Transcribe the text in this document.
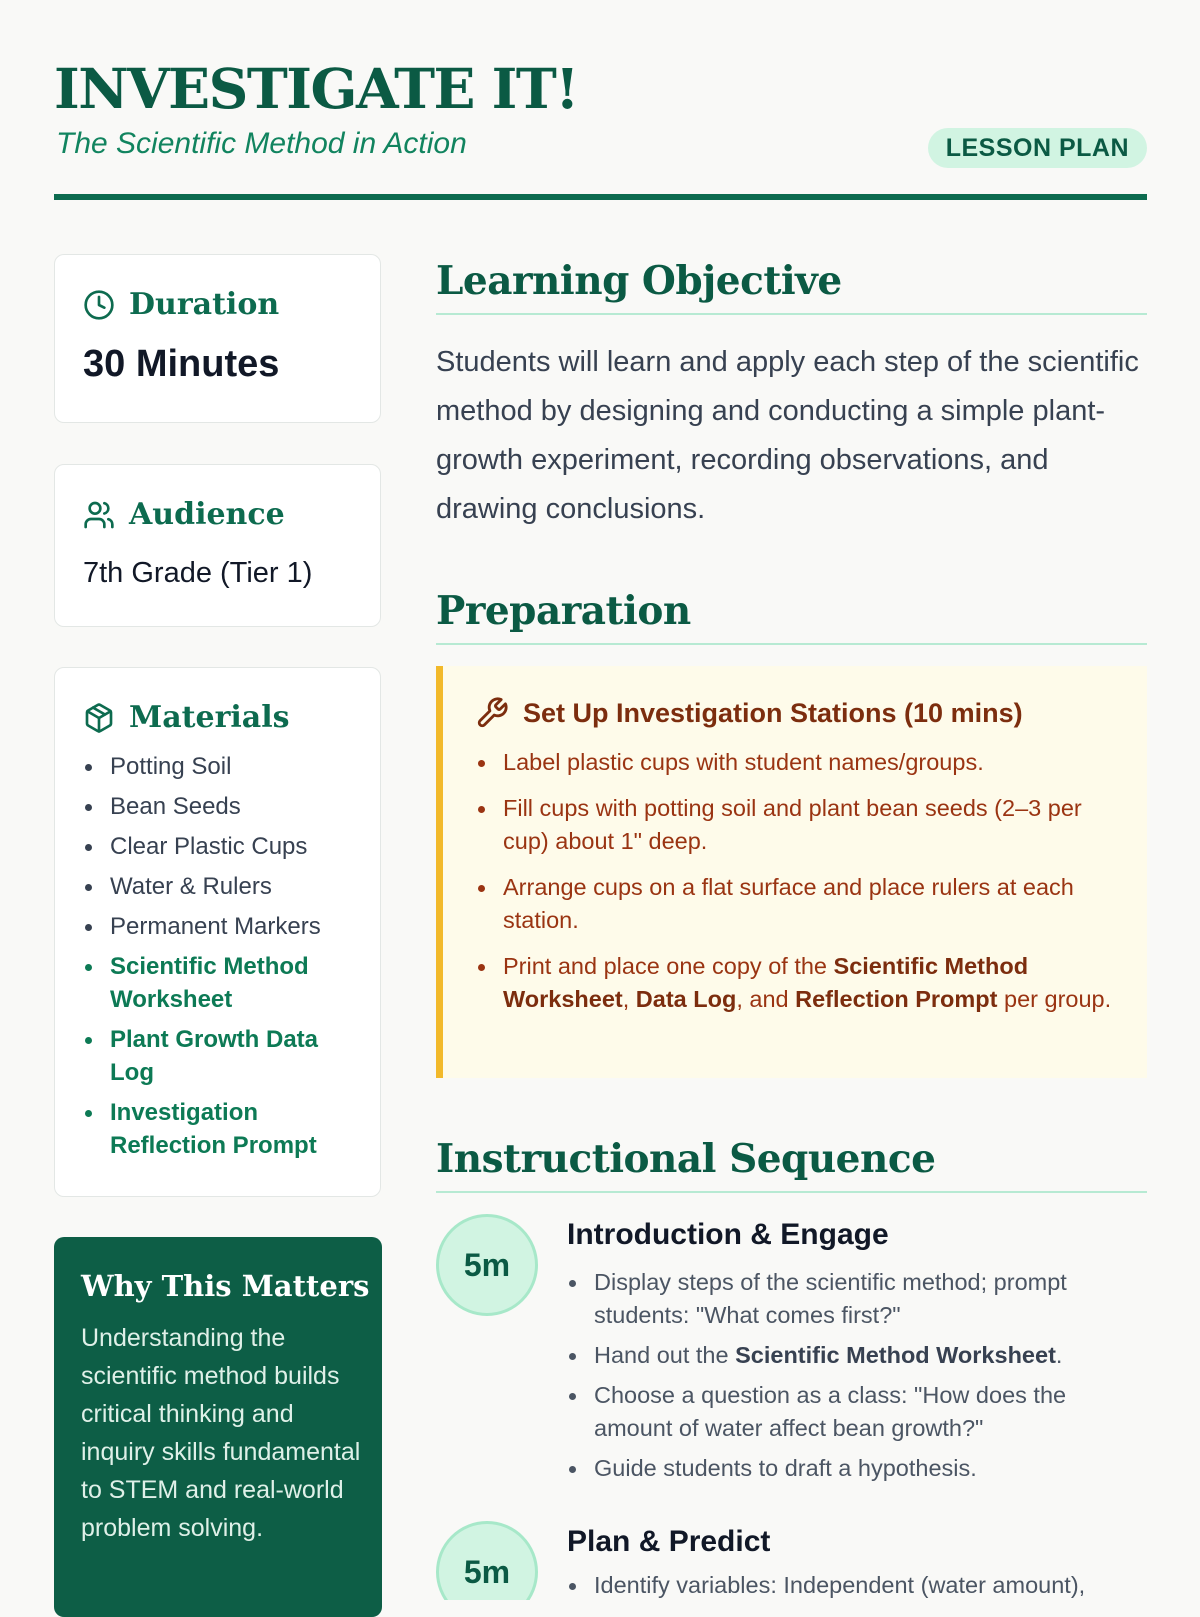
INVESTIGATE IT!
The Scientific Method in Action	LESSON PLAN
Duration
30 Minutes
Audience
7th Grade (Tier 1)
Materials
Potting Soil
Bean Seeds
Clear Plastic Cups
Water & Rulers
Permanent Markers
Scientific Method Worksheet
Plant Growth Data Log
Investigation Reflection Prompt
Why This Matters
Understanding the scientific method builds critical thinking and inquiry skills fundamental to STEM and real-world problem solving.
Learning Objective
Students will learn and apply each step of the scientific method by designing and conducting a simple plant-growth experiment, recording observations, and drawing conclusions.
Preparation
Set Up Investigation Stations (10 mins)
Label plastic cups with student names/groups.
Fill cups with potting soil and plant bean seeds (2–3 per cup) about 1" deep.
Arrange cups on a flat surface and place rulers at each station.
Print and place one copy of the Scientific Method Worksheet, Data Log, and Reflection Prompt per group.
Instructional Sequence
5m
Introduction & Engage
Display steps of the scientific method; prompt students: "What comes first?"
Hand out the Scientific Method Worksheet.
Choose a question as a class: "How does the amount of water affect bean growth?"
Guide students to draft a hypothesis.
5m
Plan & Predict
Identify variables: Independent (water amount),
